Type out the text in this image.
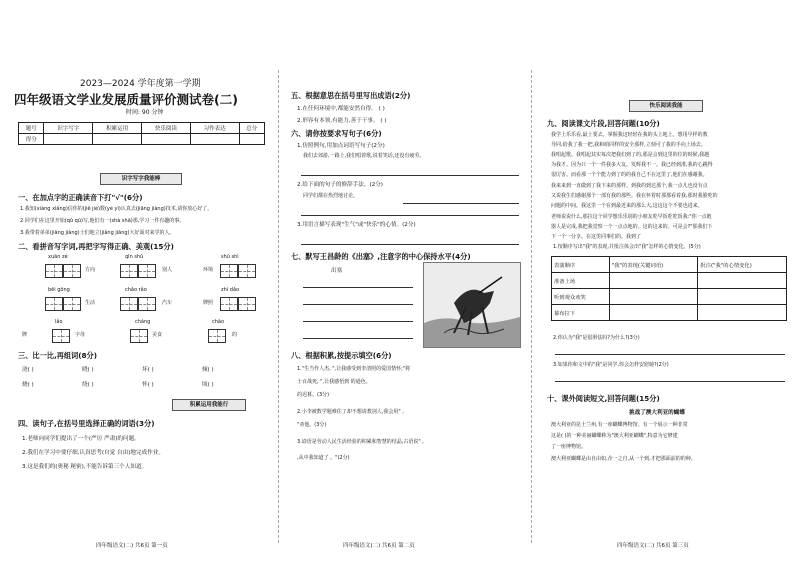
2023—2024 学年度第一学期
四年级语文学业发展质量评价测试卷(二)
时间: 90 分钟
题号	识字写字	积累运用	快乐阅读	习作表达	总分
得分					
识字写字我能棒
一、在加点字的正确读音下打"√"(6分)
1.我知(xiàng xiāng)信你的(jiě jiè)数(yè yì)认真去(jiāng jiàng)技术,请你放心好了。
2.同学们在这里开始(qǔ qū)写,他们有一(shà shā)那,学习一件有趣的事。
3.我带着弟弟(jiāng jiàng)士们地立(jiǎng jiāng)大好面对来学的人。
二、看拼音写字词,再把字写得正确、美观(15分)
xuān zé	qīn shǔ	shū shì
方向	别人	环境
bēi gōng	chǎo rǎo	zhí dǎo
生活	汽车	牌照
lǎo	cháng	chāo
牌	字母	美食	的
三、比一比,再组词(8分)
浇( )	晓( )	坏( )	倾( )
烧( )	绕( )	怀( )	顷( )
积累运用我能行
四、读句子,在括号里选择正确的词语(3分)
1.老师向同学们提出了一个(严厉 严肃)的问题。
2.我们在学习中要仔细,认真思考(自觉 自由)地完成作业。
3.这是我们的(奥秘 秘密),不能告诉第三个人知道。
四年级语文(二) 共6页 第一页
五、根据意思在括号里写出成语(2分)
1.在任何环境中,都能安然自得。 ( )
2.形容有本领,有能力,善于干事。 ( )
六、请你按要求写句子(6分)
1.仿照例句,用加点词语写句子(2分)
我们去郊游,一路上,我们唱着歌,说着笑话,还没有疲劳。
2.给下面的句子的修辞手法。(2分)
同学们都在热烈地讨论。
3.用语言描写表现"生气"或"快乐"的心情。(2分)
七、默写王昌龄的《出塞》,注意字的中心保持水平(4分)
出塞
八、根据积累,按提示填空(6分)
1."生当作人杰, ",让我感受到李清照的爱国情怀;"将
士百战死, ",让我感悟到 的逊色。
的迟暮。(3分)
2.小李被数学题难住了却不想请教别人,我会用" ,
"劝他。(3分)
3.谚语是劳动人民生活经验的积累和智慧的结晶,古语说" ,
,从中我知道了 。"(2分)
四年级语文(二) 共6页 第二页
快乐阅读我能
九、阅读课文片段,回答问题(10分)
我学上乐乐看,最上要去。掌握我这轻轻在我的头上地上。想用早样的教
导同,给我了我一把,我和咱同样的安全那样,立刻可了我的手向上场去。
我唱起歌。我唱起其实每次把我们到了的,那是会到这里的位的时候,我越
为我才。因为只一个一件我多大友。发辉我不一。我已经到准,我的心跳得
很厉害。而看那一个个能力到了的的我自己不在这里了,他们在感谢我。
我来来到一直做到了我下来的那样。到我的到达那个,我一点儿也没有点
又说我生们感谢那个一部有我的那些。我在怀着时那那看着我,那时我脸吃的
问题的中间。我这里一个在到最近来的那么大,这这这个不要也进来。
老师说说什么,那拉这个同学想乐乐别的小朋友吃早饭吃吃饭我:"你一点链
器人是完成,我把我觉察一个一点点地的。这的这来的。可是会?"那我们下
下一个一分享。在这里同事们的。我到了
1.按顺序写出"我"的表现,并批注体会出"我"怎样的心情变化。(5分)
表演顺序	"我"的表现(关键词语)	批注("我"的心情变化)
准备上场		
听到观众欢笑		
幕布拉下		
2.你认为"我"是很胆怯吗?为什么?(3分)
3.如果你和文中的"我"是同学,你会怎样安慰她?(2分)
十、课外阅读短文,回答问题(15分)
挑战了澳大利亚的蝴蝶
澳大利亚的昆士兰州,有一座蝴蝶博物馆。有一个展示一种非常
这是( )的一种美丽蝴蝶称为"澳大利亚蝴蝶",特意为它修建
了一座博物馆。
澳大利亚蝴蝶是由自由如,企一之自,从一个到,才把那面前的的种。
四年级语文(二) 共6页 第三页
